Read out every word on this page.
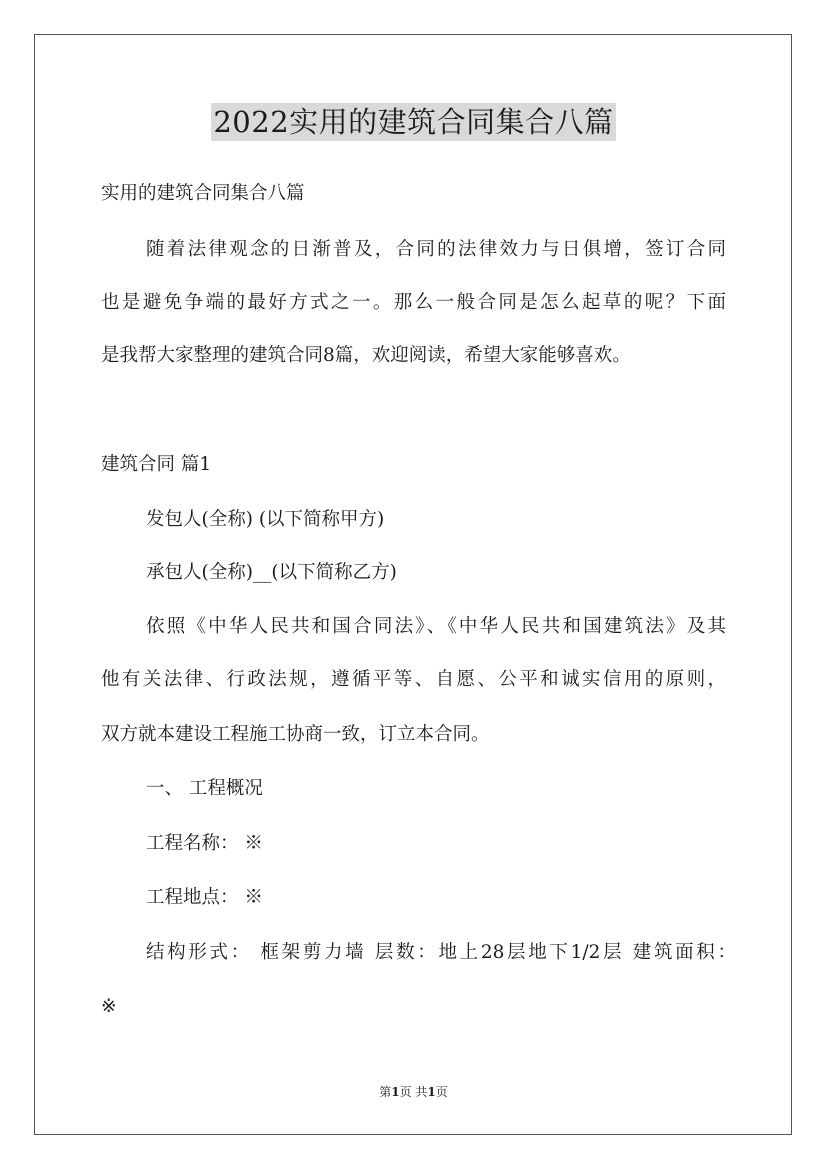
2022实用的建筑合同集合八篇
实用的建筑合同集合八篇
随着法律观念的日渐普及，合同的法律效力与日俱增，签订合同
也是避免争端的最好方式之一。那么一般合同是怎么起草的呢？下面
是我帮大家整理的建筑合同8篇，欢迎阅读，希望大家能够喜欢。
建筑合同 篇1
发包人(全称) (以下简称甲方)
承包人(全称)__(以下简称乙方)
依照《中华人民共和国合同法》、《中华人民共和国建筑法》及其
他有关法律、行政法规，遵循平等、自愿、公平和诚实信用的原则，
双方就本建设工程施工协商一致，订立本合同。
一、 工程概况
工程名称： ※
工程地点： ※
结构形式： 框架剪力墙 层数：地上28层地下1/2层 建筑面积：
※
第1页 共1页
